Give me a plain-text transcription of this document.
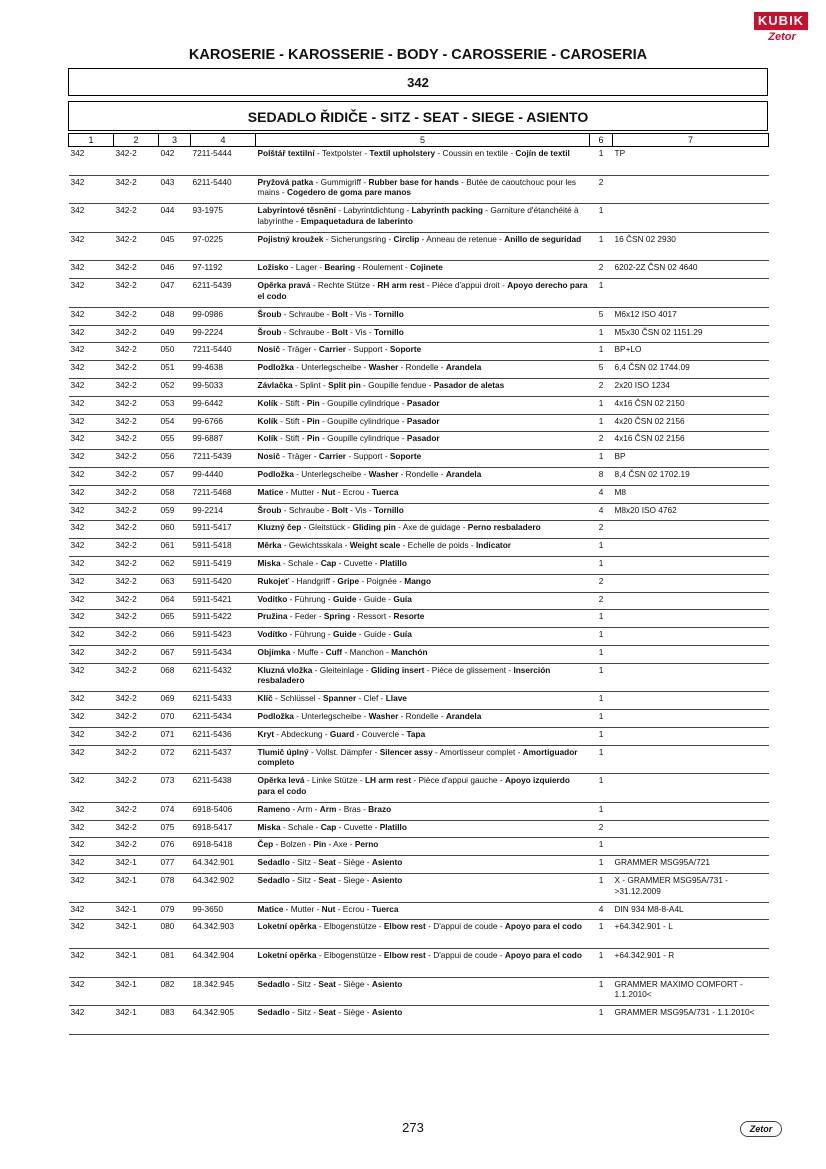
KUBIK
Zetor
KAROSERIE - KAROSSERIE - BODY - CAROSSERIE - CAROSERIA
342
SEDADLO ŘIDIČE - SITZ - SEAT - SIEGE - ASIENTO
1	2	3	4	5	6	7
342	342-2	042	7211-5444	Polštář textilní - Textpolster - Textil upholstery - Coussin en textile - Cojín de textil	1	TP
342	342-2	043	6211-5440	Pryžová patka - Gummigriff - Rubber base for hands - Butée de caoutchouc pour les mains - Cogedero de goma pare manos	2	
342	342-2	044	93-1975	Labyrintové těsnění - Labyrintdichtung - Labyrinth packing - Garniture d'étanchéité à labyrinthe - Empaquetadura de laberinto	1	
342	342-2	045	97-0225	Pojistný kroužek - Sicherungsring - Circlip - Anneau de retenue - Anillo de seguridad	1	16 ČSN 02 2930
342	342-2	046	97-1192	Ložisko - Lager - Bearing - Roulement - Cojinete	2	6202-2Z ČSN 02 4640
342	342-2	047	6211-5439	Opěrka pravá - Rechte Stütze - RH arm rest - Pièce d'appui droit - Apoyo derecho para el codo	1	
342	342-2	048	99-0986	Šroub - Schraube - Bolt - Vis - Tornillo	5	M6x12 ISO 4017
342	342-2	049	99-2224	Šroub - Schraube - Bolt - Vis - Tornillo	1	M5x30 ČSN 02 1151.29
342	342-2	050	7211-5440	Nosič - Träger - Carrier - Support - Soporte	1	BP+LO
342	342-2	051	99-4638	Podložka - Unterlegscheibe - Washer - Rondelle - Arandela	5	6,4 ČSN 02 1744.09
342	342-2	052	99-5033	Závlačka - Splint - Split pin - Goupille fendue - Pasador de aletas	2	2x20 ISO 1234
342	342-2	053	99-6442	Kolík - Stift - Pin - Goupille cylindrique - Pasador	1	4x16 ČSN 02 2150
342	342-2	054	99-6766	Kolík - Stift - Pin - Goupille cylindrique - Pasador	1	4x20 ČSN 02 2156
342	342-2	055	99-6887	Kolík - Stift - Pin - Goupille cylindrique - Pasador	2	4x16 ČSN 02 2156
342	342-2	056	7211-5439	Nosič - Träger - Carrier - Support - Soporte	1	BP
342	342-2	057	99-4440	Podložka - Unterlegscheibe - Washer - Rondelle - Arandela	8	8,4 ČSN 02 1702.19
342	342-2	058	7211-5468	Matice - Mutter - Nut - Ecrou - Tuerca	4	M8
342	342-2	059	99-2214	Šroub - Schraube - Bolt - Vis - Tornillo	4	M8x20 ISO 4762
342	342-2	060	5911-5417	Kluzný čep - Gleitstück - Gliding pin - Axe de guidage - Perno resbaladero	2	
342	342-2	061	5911-5418	Měrka - Gewichtsskala - Weight scale - Echelle de poids - Indicator	1	
342	342-2	062	5911-5419	Miska - Schale - Cap - Cuvette - Platillo	1	
342	342-2	063	5911-5420	Rukojeť - Handgriff - Gripe - Poignée - Mango	2	
342	342-2	064	5911-5421	Vodítko - Führung - Guide - Guide - Guía	2	
342	342-2	065	5911-5422	Pružina - Feder - Spring - Ressort - Resorte	1	
342	342-2	066	5911-5423	Vodítko - Führung - Guide - Guide - Guía	1	
342	342-2	067	5911-5434	Objímka - Muffe - Cuff - Manchon - Manchón	1	
342	342-2	068	6211-5432	Kluzná vložka - Gleiteinlage - Gliding insert - Pièce de glissement - Inserción resbaladero	1	
342	342-2	069	6211-5433	Klíč - Schlüssel - Spanner - Clef - Llave	1	
342	342-2	070	6211-5434	Podložka - Unterlegscheibe - Washer - Rondelle - Arandela	1	
342	342-2	071	6211-5436	Kryt - Abdeckung - Guard - Couvercle - Tapa	1	
342	342-2	072	6211-5437	Tlumič úplný - Vollst. Dämpfer - Silencer assy - Amortisseur complet - Amortiguador completo	1	
342	342-2	073	6211-5438	Opěrka levá - Linke Stütze - LH arm rest - Pièce d'appui gauche - Apoyo izquierdo para el codo	1	
342	342-2	074	6918-5406	Rameno - Arm - Arm - Bras - Brazo	1	
342	342-2	075	6918-5417	Miska - Schale - Cap - Cuvette - Platillo	2	
342	342-2	076	6918-5418	Čep - Bolzen - Pin - Axe - Perno	1	
342	342-1	077	64.342.901	Sedadlo - Sitz - Seat - Siège - Asiento	1	GRAMMER MSG95A/721
342	342-1	078	64.342.902	Sedadlo - Sitz - Seat - Siege - Asiento	1	X - GRAMMER MSG95A/731 - >31.12.2009
342	342-1	079	99-3650	Matice - Mutter - Nut - Ecrou - Tuerca	4	DIN 934 M8-8-A4L
342	342-1	080	64.342.903	Loketní opěrka - Elbogenstütze - Elbow rest - D'appui de coude - Apoyo para el codo	1	+64.342.901 - L
342	342-1	081	64.342.904	Loketní opěrka - Elbogenstütze - Elbow rest - D'appui de coude - Apoyo para el codo	1	+64.342.901 - R
342	342-1	082	18.342.945	Sedadlo - Sitz - Seat - Siège - Asiento	1	GRAMMER MAXIMO COMFORT - 1.1.2010<
342	342-1	083	64.342.905	Sedadlo - Sitz - Seat - Siège - Asiento	1	GRAMMER MSG95A/731 - 1.1.2010<
273	Zetor
